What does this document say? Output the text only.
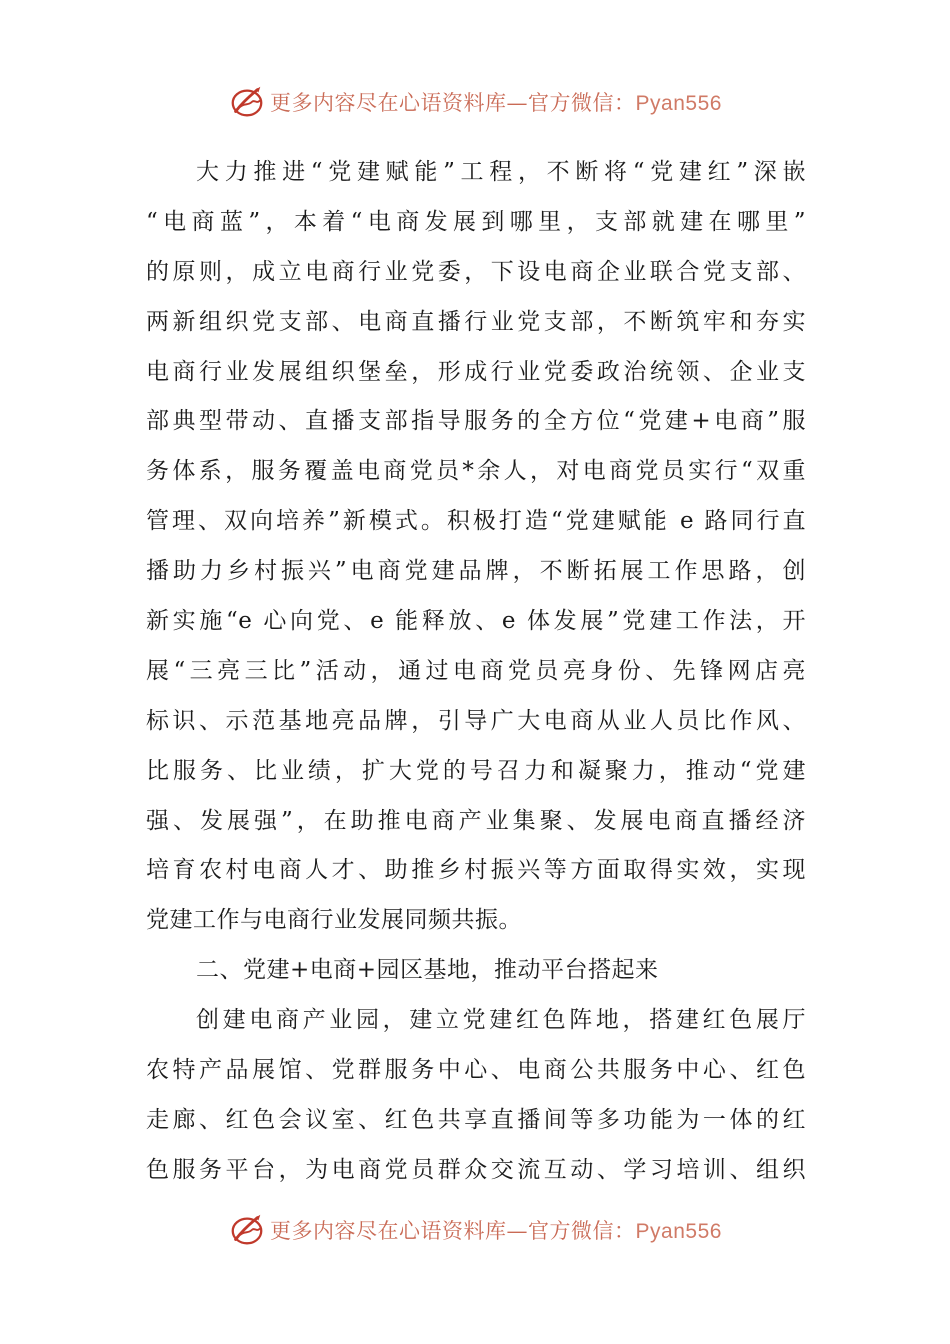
更多内容尽在心语资料库—官方微信：Pyan556
大力推进“党建赋能”工程，不断将“党建红”深嵌
“电商蓝”，本着“电商发展到哪里，支部就建在哪里”
的原则，成立电商行业党委，下设电商企业联合党支部、
两新组织党支部、电商直播行业党支部，不断筑牢和夯实
电商行业发展组织堡垒，形成行业党委政治统领、企业支
部典型带动、直播支部指导服务的全方位“党建+电商”服
务体系，服务覆盖电商党员*余人，对电商党员实行“双重
管理、双向培养”新模式。积极打造“党建赋能 e 路同行直
播助力乡村振兴”电商党建品牌，不断拓展工作思路，创
新实施“e 心向党、e 能释放、e 体发展”党建工作法，开
展“三亮三比”活动，通过电商党员亮身份、先锋网店亮
标识、示范基地亮品牌，引导广大电商从业人员比作风、
比服务、比业绩，扩大党的号召力和凝聚力，推动“党建
强、发展强”，在助推电商产业集聚、发展电商直播经济
培育农村电商人才、助推乡村振兴等方面取得实效，实现
党建工作与电商行业发展同频共振。
二、党建+电商+园区基地，推动平台搭起来
创建电商产业园，建立党建红色阵地，搭建红色展厅
农特产品展馆、党群服务中心、电商公共服务中心、红色
走廊、红色会议室、红色共享直播间等多功能为一体的红
色服务平台，为电商党员群众交流互动、学习培训、组织
更多内容尽在心语资料库—官方微信：Pyan556
